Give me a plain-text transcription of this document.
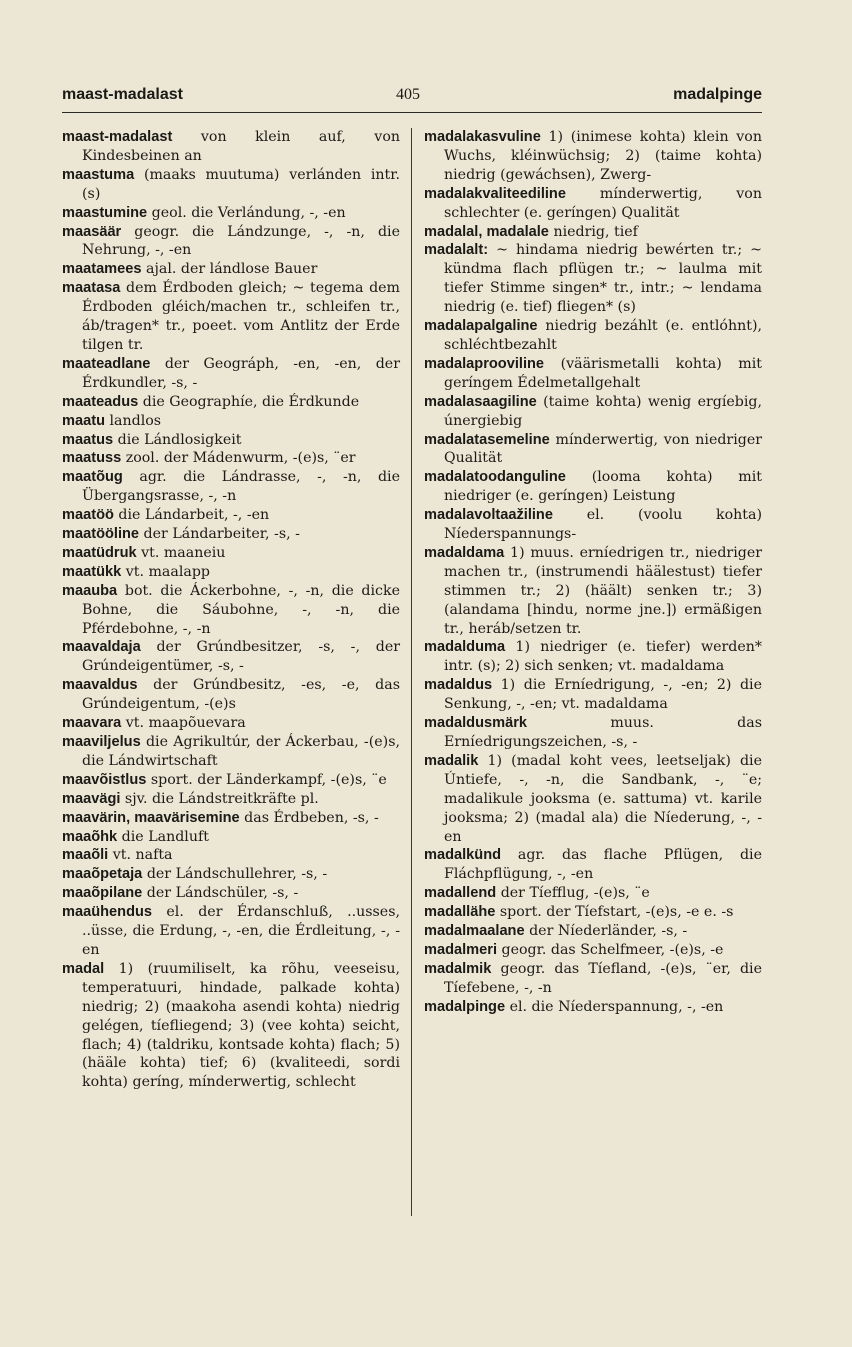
maast-madalast	405	madalpinge

maast-madalast von klein auf, von Kindesbeinen an

maastuma (maaks muutuma) verlánden intr. (s)

maastumine geol. die Verlándung, -, -en

maasäär geogr. die Lándzunge, -, -n, die Nehrung, -, -en

maatamees ajal. der lándlose Bauer

maatasa dem Érdboden gleich; ~ tegema dem Érdboden gléich/machen tr., schleifen tr., áb/tragen* tr., poeet. vom Antlitz der Erde tilgen tr.

maateadlane der Geográph, -en, -en, der Érdkundler, -s, -

maateadus die Geographíe, die Érdkunde

maatu landlos

maatus die Lándlosigkeit

maatuss zool. der Mádenwurm, -(e)s, ¨er

maatõug agr. die Lándrasse, -, -n, die Übergangsrasse, -, -n

maatöö die Lándarbeit, -, -en

maatööline der Lándarbeiter, -s, -

maatüdruk vt. maaneiu

maatükk vt. maalapp

maauba bot. die Áckerbohne, -, -n, die dicke Bohne, die Sáubohne, -, -n, die Pférdebohne, -, -n

maavaldaja der Grúndbesitzer, -s, -, der Grúndeigentümer, -s, -

maavaldus der Grúndbesitz, -es, -e, das Grúndeigentum, -(e)s

maavara vt. maapõuevara

maaviljelus die Agrikultúr, der Áckerbau, -(e)s, die Lándwirtschaft

maavõistlus sport. der Länderkampf, -(e)s, ¨e

maavägi sjv. die Lándstreitkräfte pl.

maavärin, maavärisemine das Érdbeben, -s, -

maaõhk die Landluft

maaõli vt. nafta

maaõpetaja der Lándschullehrer, -s, -

maaõpilane der Lándschüler, -s, -

maaühendus el. der Érdanschluß, ..usses, ..üsse, die Erdung, -, -en, die Érdleitung, -, -en

madal 1) (ruumiliselt, ka rõhu, veeseisu, temperatuuri, hindade, palkade kohta) niedrig; 2) (maakoha asendi kohta) niedrig gelégen, tíefliegend; 3) (vee kohta) seicht, flach; 4) (taldriku, kontsade kohta) flach; 5) (hääle kohta) tief; 6) (kvaliteedi, sordi kohta) geríng, mínderwertig, schlecht

madalakasvuline 1) (inimese kohta) klein von Wuchs, kléinwüchsig; 2) (taime kohta) niedrig (gewáchsen), Zwerg-

madalakvaliteediline mínderwertig, von schlechter (e. geríngen) Qualität

madalal, madalale niedrig, tief

madalalt: ~ hindama niedrig bewérten tr.; ~ kündma flach pflügen tr.; ~ laulma mit tiefer Stimme singen* tr., intr.; ~ lendama niedrig (e. tief) fliegen* (s)

madalapalgaline niedrig bezáhlt (e. entlóhnt), schléchtbezahlt

madalaprooviline (väärismetalli kohta) mit geríngem Édelmetallgehalt

madalasaagiline (taime kohta) wenig ergíebig, únergiebig

madalatasemeline mínderwertig, von niedriger Qualität

madalatoodanguline (looma kohta) mit niedriger (e. geríngen) Leistung

madalavoltaažiline el. (voolu kohta) Níederspannungs-

madaldama 1) muus. erníedrigen tr., niedriger machen tr., (instrumendi häälestust) tiefer stimmen tr.; 2) (häält) senken tr.; 3) (alandama [hindu, norme jne.]) ermäßigen tr., heráb/setzen tr.

madalduma 1) niedriger (e. tiefer) werden* intr. (s); 2) sich senken; vt. madaldama

madaldus 1) die Erníedrigung, -, -en; 2) die Senkung, -, -en; vt. madaldama

madaldusmärk muus. das Erníedrigungszeichen, -s, -

madalik 1) (madal koht vees, leetseljak) die Úntiefe, -, -n, die Sandbank, -, ¨e; madalikule jooksma (e. sattuma) vt. karile jooksma; 2) (madal ala) die Níederung, -, -en

madalkünd agr. das flache Pflügen, die Fláchpflügung, -, -en

madallend der Tíefflug, -(e)s, ¨e

madallähe sport. der Tíefstart, -(e)s, -e e. -s

madalmaalane der Níederländer, -s, -

madalmeri geogr. das Schelfmeer, -(e)s, -e

madalmik geogr. das Tíefland, -(e)s, ¨er, die Tíefebene, -, -n

madalpinge el. die Níederspannung, -, -en
